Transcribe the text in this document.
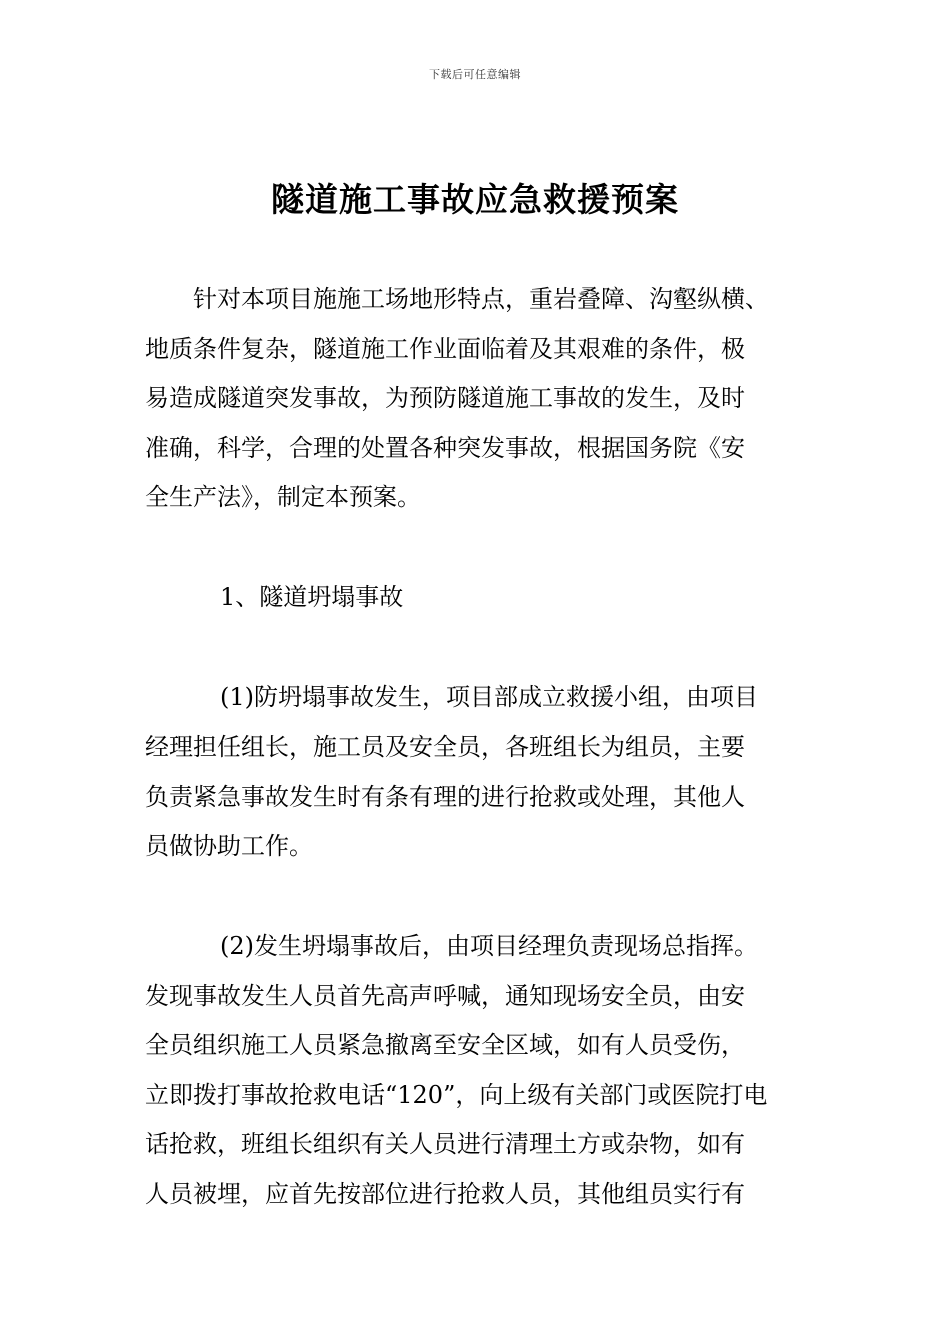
下载后可任意编辑
隧道施工事故应急救援预案
针对本项目施施工场地形特点，重岩叠障、沟壑纵横、
地质条件复杂，隧道施工作业面临着及其艰难的条件，极
易造成隧道突发事故，为预防隧道施工事故的发生，及时
准确，科学，合理的处置各种突发事故，根据国务院《安
全生产法》，制定本预案。
1、隧道坍塌事故
(1)防坍塌事故发生，项目部成立救援小组，由项目
经理担任组长，施工员及安全员，各班组长为组员，主要
负责紧急事故发生时有条有理的进行抢救或处理，其他人
员做协助工作。
(2)发生坍塌事故后，由项目经理负责现场总指挥。
发现事故发生人员首先高声呼喊，通知现场安全员，由安
全员组织施工人员紧急撤离至安全区域，如有人员受伤，
立即拨打事故抢救电话“120”，向上级有关部门或医院打电
话抢救，班组长组织有关人员进行清理土方或杂物，如有
人员被埋，应首先按部位进行抢救人员，其他组员实行有
